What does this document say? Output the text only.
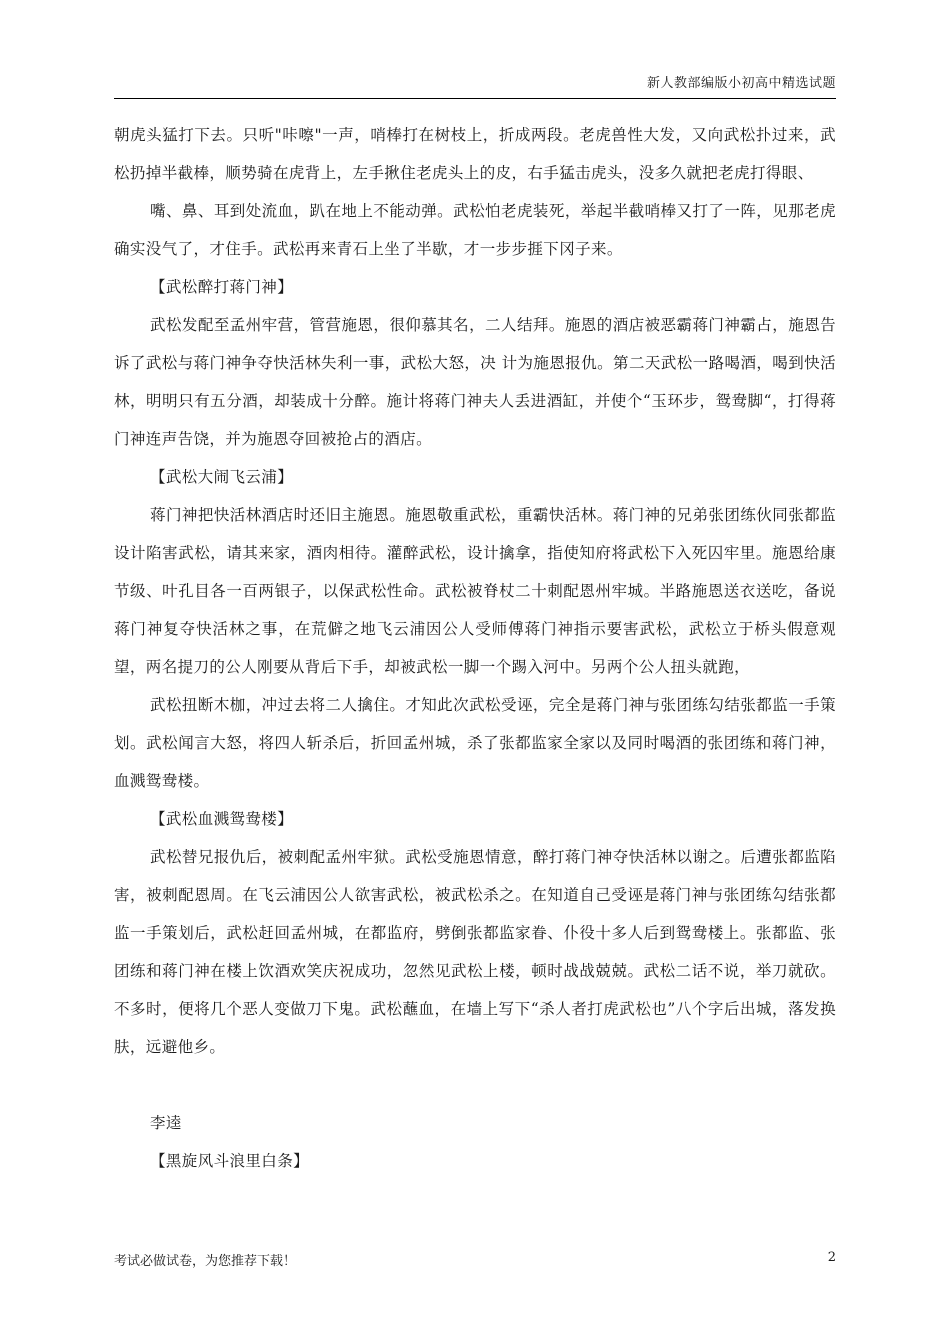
新人教部编版小初高中精选试题

朝虎头猛打下去。只听"咔嚓"一声，哨棒打在树枝上，折成两段。老虎兽性大发，又向武松扑过来，武松扔掉半截棒，顺势骑在虎背上，左手揪住老虎头上的皮，右手猛击虎头，没多久就把老虎打得眼、

嘴、鼻、耳到处流血，趴在地上不能动弹。武松怕老虎装死，举起半截哨棒又打了一阵，见那老虎确实没气了，才住手。武松再来青石上坐了半歇，才一步步捱下冈子来。

【武松醉打蒋门神】

武松发配至孟州牢营，管营施恩，很仰慕其名，二人结拜。施恩的酒店被恶霸蒋门神霸占，施恩告诉了武松与蒋门神争夺快活林失利一事，武松大怒，决 计为施恩报仇。第二天武松一路喝酒，喝到快活林，明明只有五分酒，却装成十分醉。施计将蒋门神夫人丢进酒缸，并使个“玉环步，鸳鸯脚“，打得蒋门神连声告饶，并为施恩夺回被抢占的酒店。

【武松大闹飞云浦】

蒋门神把快活林酒店时还旧主施恩。施恩敬重武松，重霸快活林。蒋门神的兄弟张团练伙同张都监设计陷害武松，请其来家，酒肉相待。灌醉武松，设计擒拿，指使知府将武松下入死囚牢里。施恩给康节级、叶孔目各一百两银子，以保武松性命。武松被脊杖二十刺配恩州牢城。半路施恩送衣送吃，备说蒋门神复夺快活林之事，在荒僻之地飞云浦因公人受师傅蒋门神指示要害武松，武松立于桥头假意观望，两名提刀的公人刚要从背后下手，却被武松一脚一个踢入河中。另两个公人扭头就跑，

武松扭断木枷，冲过去将二人擒住。才知此次武松受诬，完全是蒋门神与张团练勾结张都监一手策划。武松闻言大怒，将四人斩杀后，折回孟州城，杀了张都监家全家以及同时喝酒的张团练和蒋门神，血溅鸳鸯楼。

【武松血溅鸳鸯楼】

武松替兄报仇后，被刺配孟州牢狱。武松受施恩情意，醉打蒋门神夺快活林以谢之。后遭张都监陷害，被刺配恩周。在飞云浦因公人欲害武松，被武松杀之。在知道自己受诬是蒋门神与张团练勾结张都监一手策划后，武松赶回孟州城，在都监府，劈倒张都监家眷、仆役十多人后到鸳鸯楼上。张都监、张团练和蒋门神在楼上饮酒欢笑庆祝成功，忽然见武松上楼，顿时战战兢兢。武松二话不说，举刀就砍。不多时，便将几个恶人变做刀下鬼。武松蘸血，在墙上写下“杀人者打虎武松也”八个字后出城，落发换肤，远避他乡。

李逵

【黑旋风斗浪里白条】

考试必做试卷，为您推荐下载！	2
